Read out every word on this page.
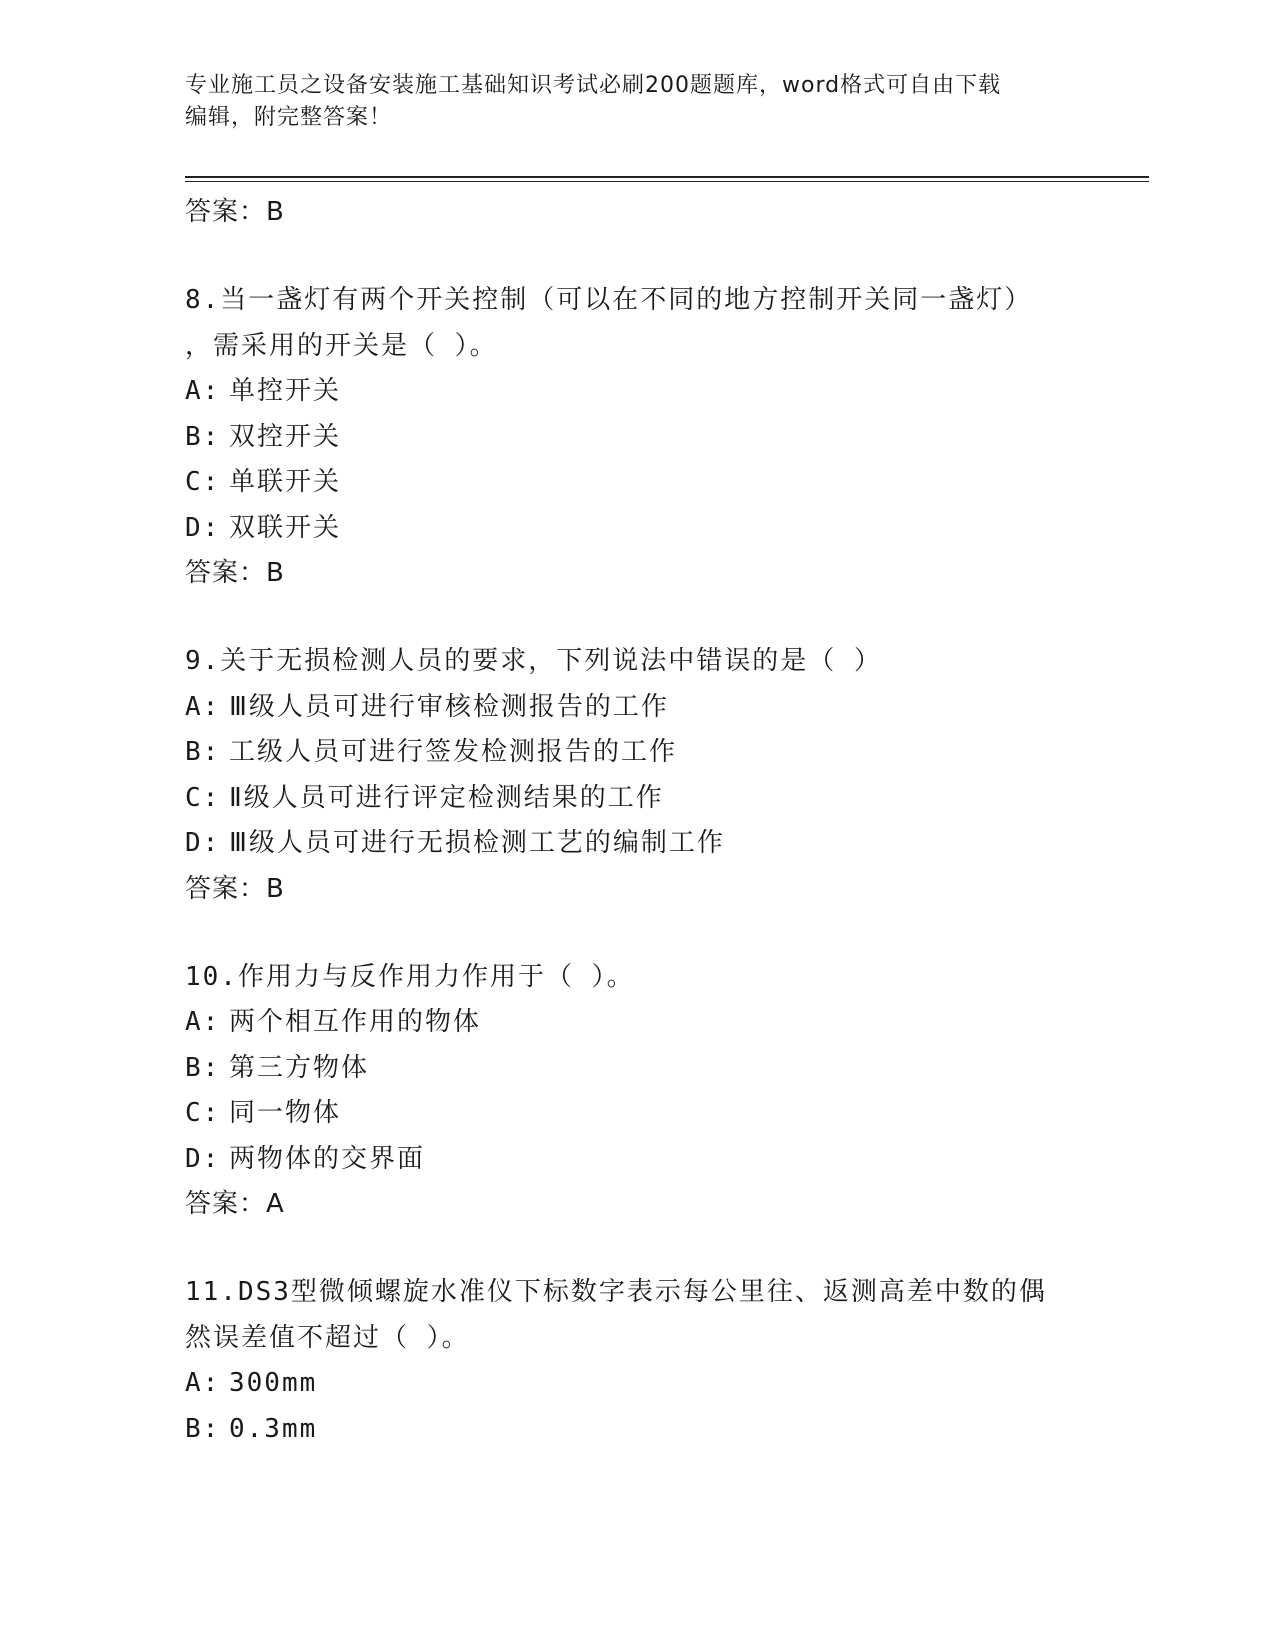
专业施工员之设备安装施工基础知识考试必刷200题题库，word格式可自由下载
编辑，附完整答案！
答案：B
8.当一盏灯有两个开关控制（可以在不同的地方控制开关同一盏灯）
，需采用的开关是（ ）。
A: 单控开关
B: 双控开关
C: 单联开关
D: 双联开关
答案：B
9.关于无损检测人员的要求，下列说法中错误的是（ ）
A: Ⅲ级人员可进行审核检测报告的工作
B: 工级人员可进行签发检测报告的工作
C: Ⅱ级人员可进行评定检测结果的工作
D: Ⅲ级人员可进行无损检测工艺的编制工作
答案：B
10.作用力与反作用力作用于（ ）。
A: 两个相互作用的物体
B: 第三方物体
C: 同一物体
D: 两物体的交界面
答案：A
11.DS3型微倾螺旋水准仪下标数字表示每公里往、返测高差中数的偶
然误差值不超过（ ）。
A: 300mm
B: 0.3mm
